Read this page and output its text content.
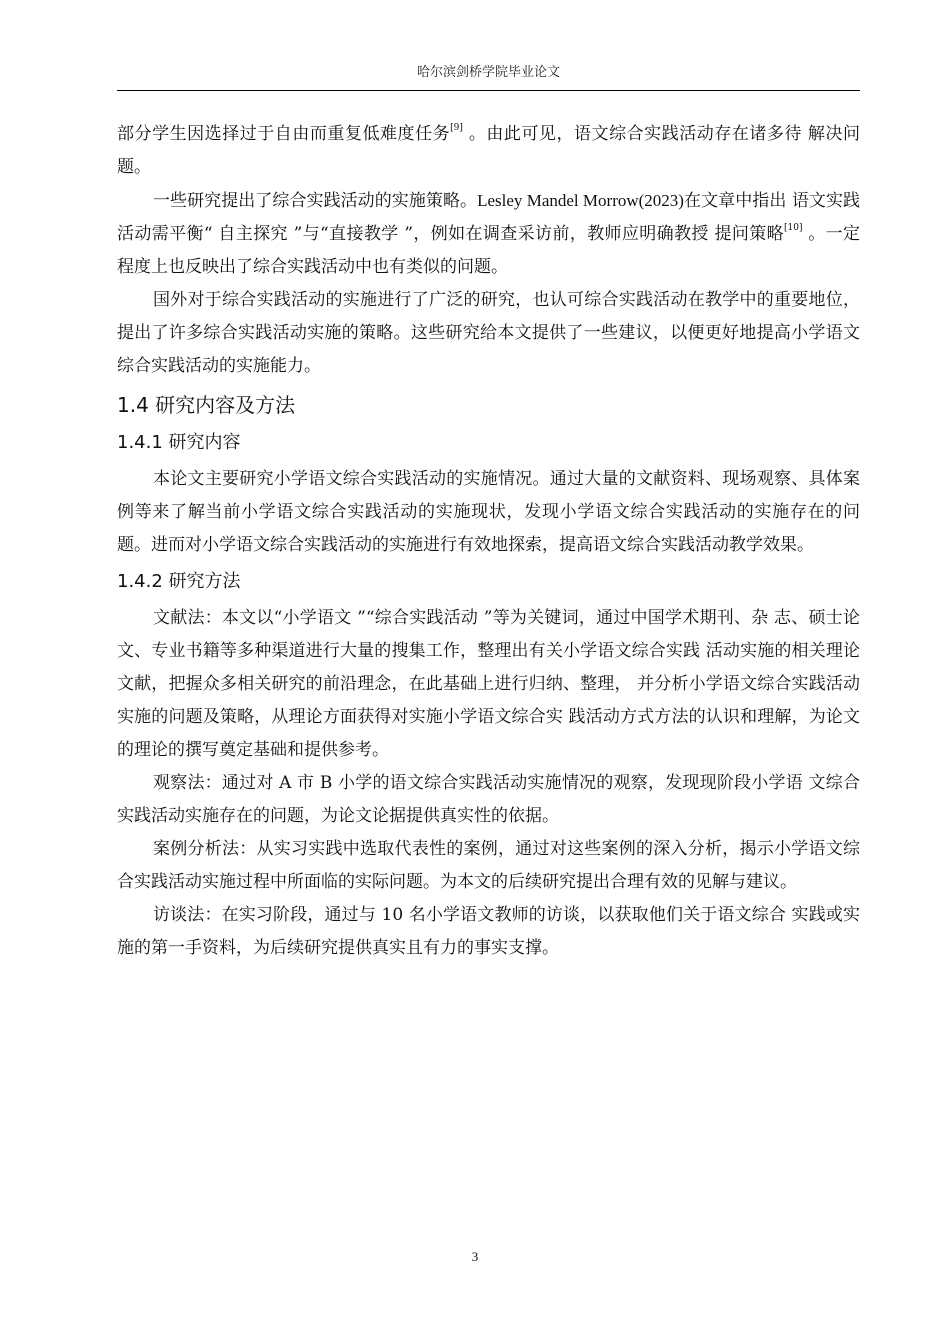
哈尔滨剑桥学院毕业论文

部分学生因选择过于自由而重复低难度任务[9] 。由此可见，语文综合实践活动存在诸多待 解决问题。

一些研究提出了综合实践活动的实施策略。Lesley Mandel Morrow(2023)在文章中指出 语文实践活动需平衡“ 自主探究 ”与“直接教学 ”，例如在调查采访前，教师应明确教授 提问策略[10] 。一定程度上也反映出了综合实践活动中也有类似的问题。

国外对于综合实践活动的实施进行了广泛的研究，也认可综合实践活动在教学中的重要地位，提出了许多综合实践活动实施的策略。这些研究给本文提供了一些建议，以便更好地提高小学语文综合实践活动的实施能力。

1.4 研究内容及方法
1.4.1 研究内容

本论文主要研究小学语文综合实践活动的实施情况。通过大量的文献资料、现场观察、具体案例等来了解当前小学语文综合实践活动的实施现状，发现小学语文综合实践活动的实施存在的问题。进而对小学语文综合实践活动的实施进行有效地探索，提高语文综合实践活动教学效果。

1.4.2 研究方法

文献法：本文以“小学语文 ”“综合实践活动 ”等为关键词，通过中国学术期刊、杂 志、硕士论文、专业书籍等多种渠道进行大量的搜集工作，整理出有关小学语文综合实践 活动实施的相关理论文献，把握众多相关研究的前沿理念，在此基础上进行归纳、整理， 并分析小学语文综合实践活动实施的问题及策略，从理论方面获得对实施小学语文综合实 践活动方式方法的认识和理解，为论文的理论的撰写奠定基础和提供参考。

观察法：通过对 A 市 B 小学的语文综合实践活动实施情况的观察，发现现阶段小学语 文综合实践活动实施存在的问题，为论文论据提供真实性的依据。

案例分析法：从实习实践中选取代表性的案例，通过对这些案例的深入分析，揭示小学语文综合实践活动实施过程中所面临的实际问题。为本文的后续研究提出合理有效的见解与建议。

访谈法：在实习阶段，通过与 10 名小学语文教师的访谈，以获取他们关于语文综合 实践或实施的第一手资料，为后续研究提供真实且有力的事实支撑。

3
